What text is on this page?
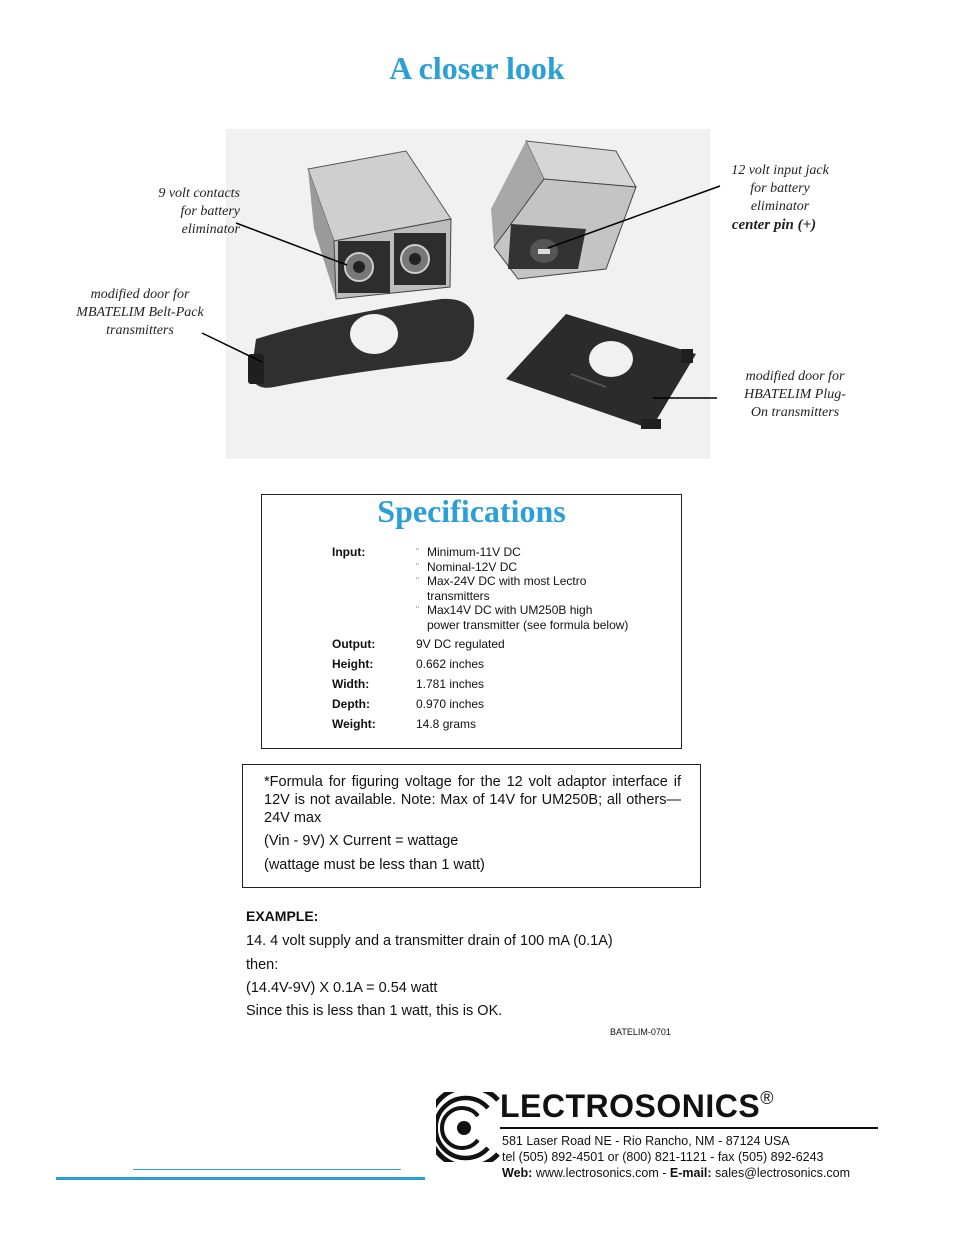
A closer look
9 volt contacts
for battery
eliminator
12 volt input jack
for battery
eliminator
center pin (+)
modified door for
MBATELIM Belt-Pack
transmitters
modified door for
HBATELIM Plug-
On transmitters
Specifications
Input:	¨ Minimum-11V DC
¨ Nominal-12V DC
¨ Max-24V DC with most Lectro
transmitters
¨ Max14V DC with UM250B high
power transmitter (see formula below)
Output:	9V DC regulated
Height:	0.662 inches
Width:	1.781 inches
Depth:	0.970 inches
Weight:	14.8 grams
*Formula for figuring voltage for the 12 volt adaptor interface if 12V is not available. Note: Max of 14V for UM250B; all others—24V max
(Vin - 9V) X Current = wattage
(wattage must be less than 1 watt)
EXAMPLE:
14. 4 volt supply and a transmitter drain of 100 mA (0.1A)
then:
(14.4V-9V) X 0.1A = 0.54 watt
Since this is less than 1 watt, this is OK.
BATELIM-0701
LECTROSONICS®
581 Laser Road NE - Rio Rancho, NM - 87124 USA
tel (505) 892-4501 or (800) 821-1121 - fax (505) 892-6243
Web: www.lectrosonics.com - E-mail: sales@lectrosonics.com
